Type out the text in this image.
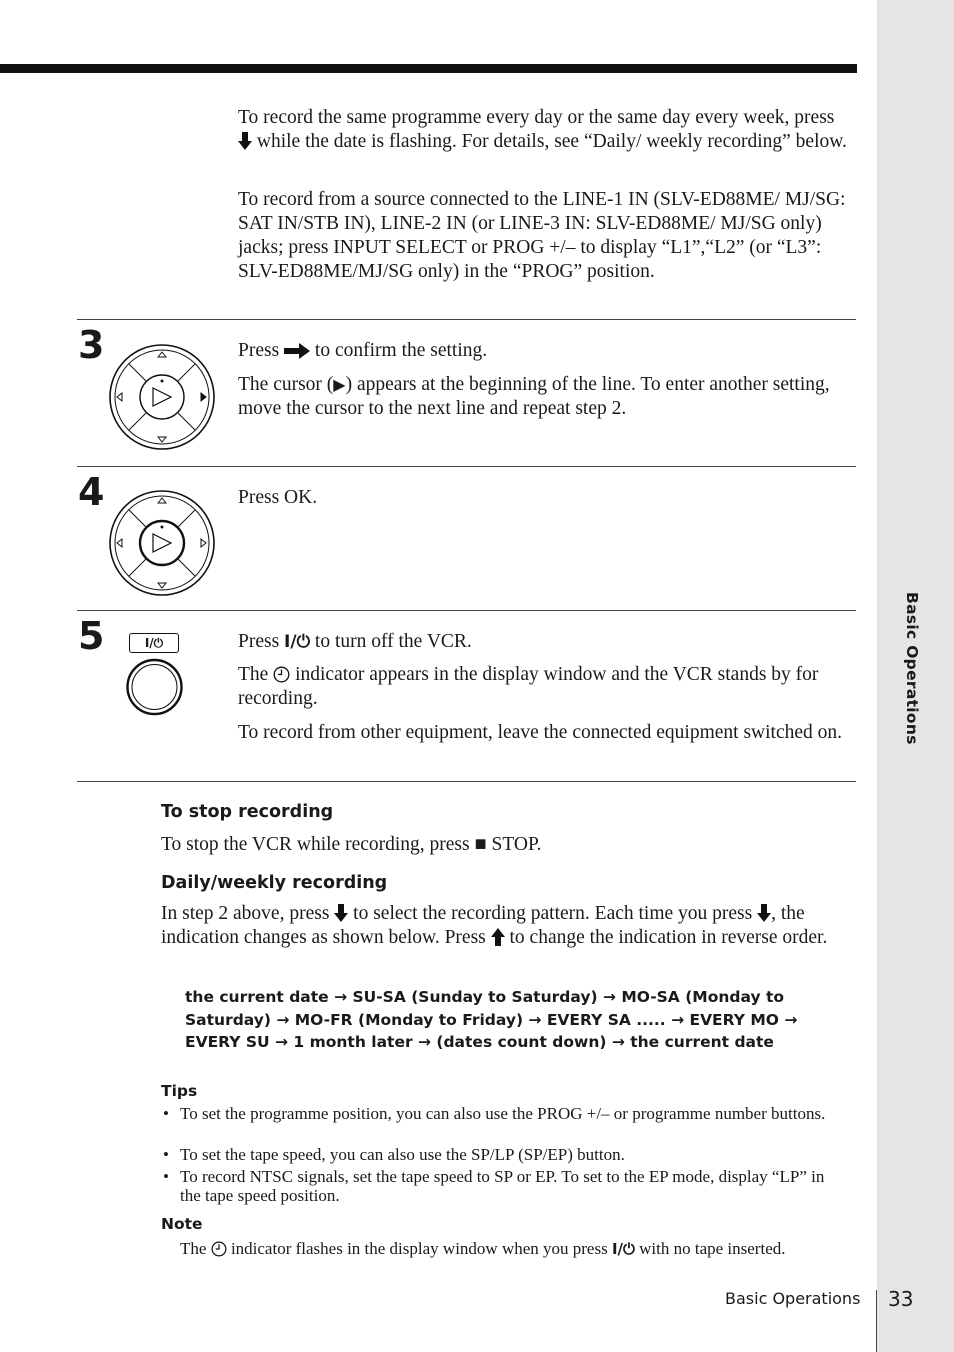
Basic Operations

To record the same programme every day or the same day every week, press  while the date is flashing. For details, see “Daily/ weekly recording” below.

To record from a source connected to the LINE-1 IN (SLV-ED88ME/ MJ/SG: SAT IN/STB IN), LINE-2 IN (or LINE-3 IN: SLV-ED88ME/ MJ/SG only) jacks; press INPUT SELECT or PROG +/– to display “L1”,“L2” (or “L3”: SLV-ED88ME/MJ/SG only) in the “PROG” position.

3	Press  to confirm the setting.

The cursor (▶) appears at the beginning of the line. To enter another setting, move the cursor to the next line and repeat step 2.

4	Press OK.

5	I/⏻	Press I/⏻ to turn off the VCR.

The  indicator appears in the display window and the VCR stands by for recording.

To record from other equipment, leave the connected equipment switched on.

To stop recording

To stop the VCR while recording, press ■ STOP.

Daily/weekly recording

In step 2 above, press  to select the recording pattern. Each time you press , the indication changes as shown below. Press  to change the indication in reverse order.

the current date → SU-SA (Sunday to Saturday) → MO-SA (Monday to Saturday) → MO-FR (Monday to Friday) → EVERY SA ..... → EVERY MO → EVERY SU → 1 month later → (dates count down) → the current date
Tips
• To set the programme position, you can also use the PROG +/– or programme number buttons.

• To set the tape speed, you can also use the SP/LP (SP/EP) button.

• To record NTSC signals, set the tape speed to SP or EP. To set to the EP mode, display “LP” in the tape speed position.

Note

The  indicator flashes in the display window when you press I/⏻ with no tape inserted.

Basic Operations 33
